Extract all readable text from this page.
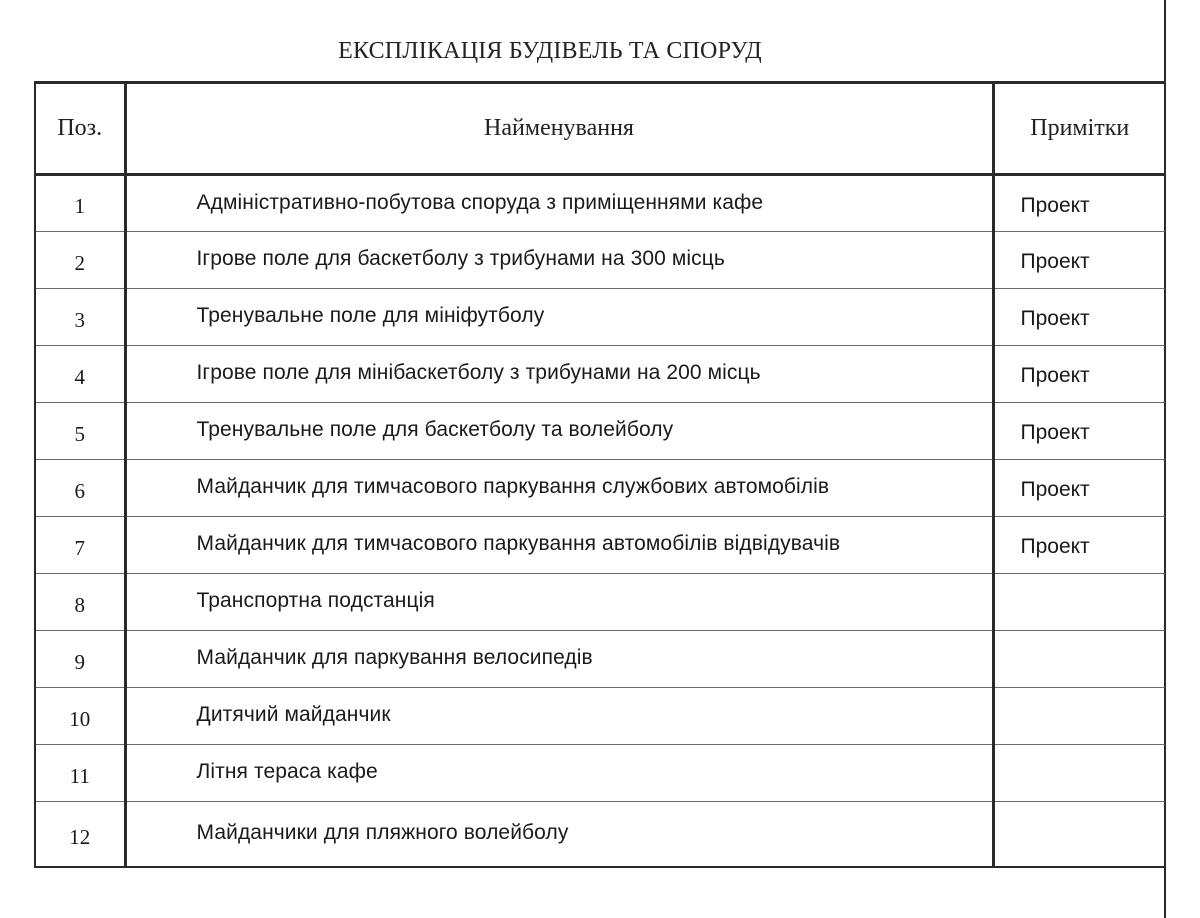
ЕКСПЛІКАЦІЯ БУДІВЕЛЬ ТА СПОРУД
Поз.	Найменування	Примітки
1	Адміністративно-побутова споруда з приміщеннями кафе	Проект
2	Ігрове поле для баскетболу з трибунами на 300 місць	Проект
3	Тренувальне поле для мініфутболу	Проект
4	Ігрове поле для мінібаскетболу з трибунами на 200 місць	Проект
5	Тренувальне поле для баскетболу та волейболу	Проект
6	Майданчик для тимчасового паркування службових автомобілів	Проект
7	Майданчик для тимчасового паркування автомобілів відвідувачів	Проект
8	Транспортна подстанція	
9	Майданчик для паркування велосипедів	
10	Дитячий майданчик	
11	Літня тераса кафе	
12	Майданчики для пляжного волейболу	
